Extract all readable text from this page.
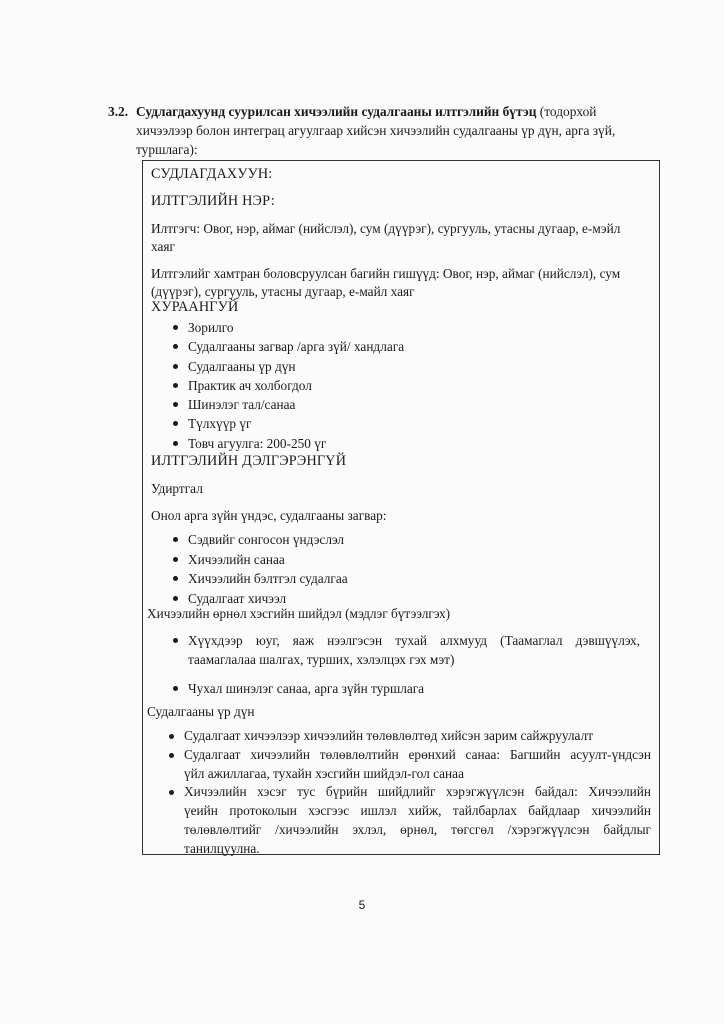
3.2. Судлагдахуунд суурилсан хичээлийн судалгааны илтгэлийн бүтэц (тодорхой
хичээлээр болон интеграц агуулгаар хийсэн хичээлийн судалгааны үр дүн, арга зүй,
туршлага):
СУДЛАГДАХУУН:
ИЛТГЭЛИЙН НЭР:
Илтгэгч: Овог, нэр, аймаг (нийслэл), сум (дүүрэг), сургууль, утасны дугаар, е-мэйл
хаяг
Илтгэлийг хамтран боловсруулсан багийн гишүүд: Овог, нэр, аймаг (нийслэл), сум
(дүүрэг), сургууль, утасны дугаар, е-майл хаяг
ХУРААНГУЙ
Зорилго
Судалгааны загвар /арга зүй/ хандлага
Судалгааны үр дүн
Практик ач холбогдол
Шинэлэг тал/санаа
Түлхүүр үг
Товч агуулга: 200-250 үг
ИЛТГЭЛИЙН ДЭЛГЭРЭНГҮЙ
Удиртгал
Онол арга зүйн үндэс, судалгааны загвар:
Сэдвийг сонгосон үндэслэл
Хичээлийн санаа
Хичээлийн бэлтгэл судалгаа
Судалгаат хичээл
Хичээлийн өрнөл хэсгийн шийдэл (мэдлэг бүтээлгэх)
Хүүхдээр юуг, яаж нээлгэсэн тухай алхмууд (Таамаглал дэвшүүлэх,
таамаглалаа шалгах, турших, хэлэлцэх гэх мэт)
Чухал шинэлэг санаа, арга зүйн туршлага
Судалгааны үр дүн
Судалгаат хичээлээр хичээлийн төлөвлөлтөд хийсэн зарим сайжруулалт
Судалгаат хичээлийн төлөвлөлтийн ерөнхий санаа: Багшийн асуулт-үндсэн
үйл ажиллагаа, тухайн хэсгийн шийдэл-гол санаа
Хичээлийн хэсэг тус бүрийн шийдлийг хэрэгжүүлсэн байдал: Хичээлийн
үеийн протоколын хэсгээс ишлэл хийж, тайлбарлах байдлаар хичээлийн
төлөвлөлтийг /хичээлийн эхлэл, өрнөл, төгсгөл /хэрэгжүүлсэн байдлыг
танилцуулна.
5
